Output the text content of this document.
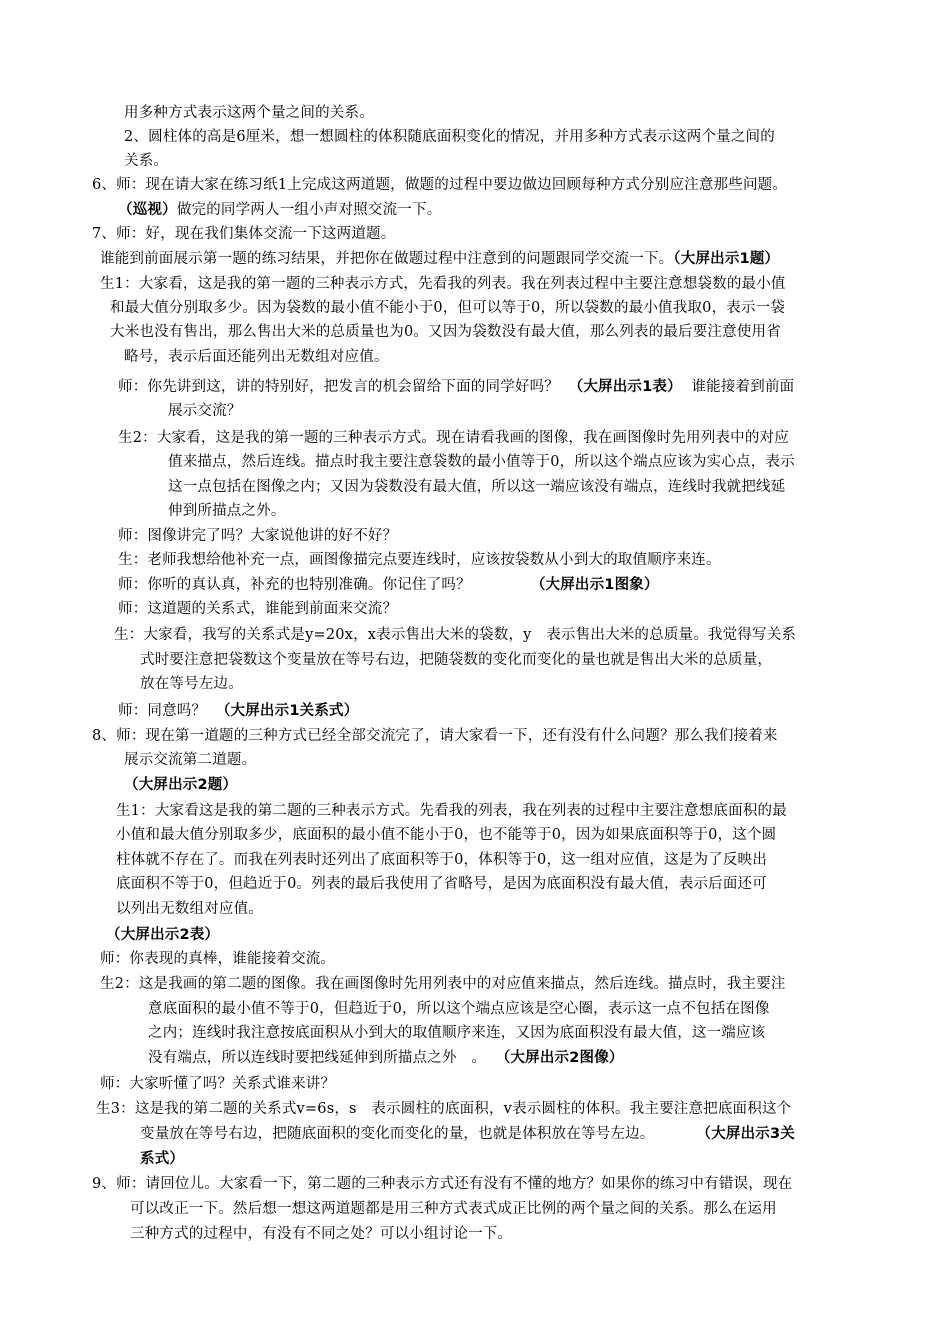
用多种方式表示这两个量之间的关系。
2、圆柱体的高是6厘米，想一想圆柱的体积随底面积变化的情况，并用多种方式表示这两个量之间的
关系。
6、师：现在请大家在练习纸1上完成这两道题，做题的过程中要边做边回顾每种方式分别应注意那些问题。
（巡视）做完的同学两人一组小声对照交流一下。
7、师：好，现在我们集体交流一下这两道题。
谁能到前面展示第一题的练习结果，并把你在做题过程中注意到的问题跟同学交流一下。（大屏出示1题）
生1：大家看，这是我的第一题的三种表示方式，先看我的列表。我在列表过程中主要注意想袋数的最小值
和最大值分别取多少。因为袋数的最小值不能小于0，但可以等于0，所以袋数的最小值我取0，表示一袋
大米也没有售出，那么售出大米的总质量也为0。又因为袋数没有最大值，那么列表的最后要注意使用省
略号，表示后面还能列出无数组对应值。
师：你先讲到这，讲的特别好，把发言的机会留给下面的同学好吗？ （大屏出示1表） 谁能接着到前面
展示交流？
生2：大家看，这是我的第一题的三种表示方式。现在请看我画的图像，我在画图像时先用列表中的对应
值来描点，然后连线。描点时我主要注意袋数的最小值等于0，所以这个端点应该为实心点，表示
这一点包括在图像之内；又因为袋数没有最大值，所以这一端应该没有端点，连线时我就把线延
伸到所描点之外。
师：图像讲完了吗？大家说他讲的好不好？
生：老师我想给他补充一点，画图像描完点要连线时，应该按袋数从小到大的取值顺序来连。
师：你听的真认真，补充的也特别准确。你记住了吗？	（大屏出示1图象）
师：这道题的关系式，谁能到前面来交流？
生：大家看，我写的关系式是y=20x，x表示售出大米的袋数，y　表示售出大米的总质量。我觉得写关系
式时要注意把袋数这个变量放在等号右边，把随袋数的变化而变化的量也就是售出大米的总质量，
放在等号左边。
师：同意吗？ （大屏出示1关系式）
8、师：现在第一道题的三种方式已经全部交流完了，请大家看一下，还有没有什么问题？那么我们接着来
展示交流第二道题。
（大屏出示2题）
生1：大家看这是我的第二题的三种表示方式。先看我的列表，我在列表的过程中主要注意想底面积的最
小值和最大值分别取多少，底面积的最小值不能小于0，也不能等于0，因为如果底面积等于0，这个圆
柱体就不存在了。而我在列表时还列出了底面积等于0，体积等于0，这一组对应值，这是为了反映出
底面积不等于0，但趋近于0。列表的最后我使用了省略号，是因为底面积没有最大值，表示后面还可
以列出无数组对应值。
（大屏出示2表）
师：你表现的真棒，谁能接着交流。
生2：这是我画的第二题的图像。我在画图像时先用列表中的对应值来描点，然后连线。描点时，我主要注
意底面积的最小值不等于0，但趋近于0，所以这个端点应该是空心圈，表示这一点不包括在图像
之内；连线时我注意按底面积从小到大的取值顺序来连，又因为底面积没有最大值，这一端应该
没有端点，所以连线时要把线延伸到所描点之外　。 （大屏出示2图像）
师：大家听懂了吗？关系式谁来讲？
生3：这是我的第二题的关系式v=6s，s　表示圆柱的底面积，v表示圆柱的体积。我主要注意把底面积这个
变量放在等号右边，把随底面积的变化而变化的量，也就是体积放在等号左边。	（大屏出示3关
系式）
9、师：请回位儿。大家看一下，第二题的三种表示方式还有没有不懂的地方？如果你的练习中有错误，现在
可以改正一下。然后想一想这两道题都是用三种方式表式成正比例的两个量之间的关系。那么在运用
三种方式的过程中，有没有不同之处？可以小组讨论一下。
